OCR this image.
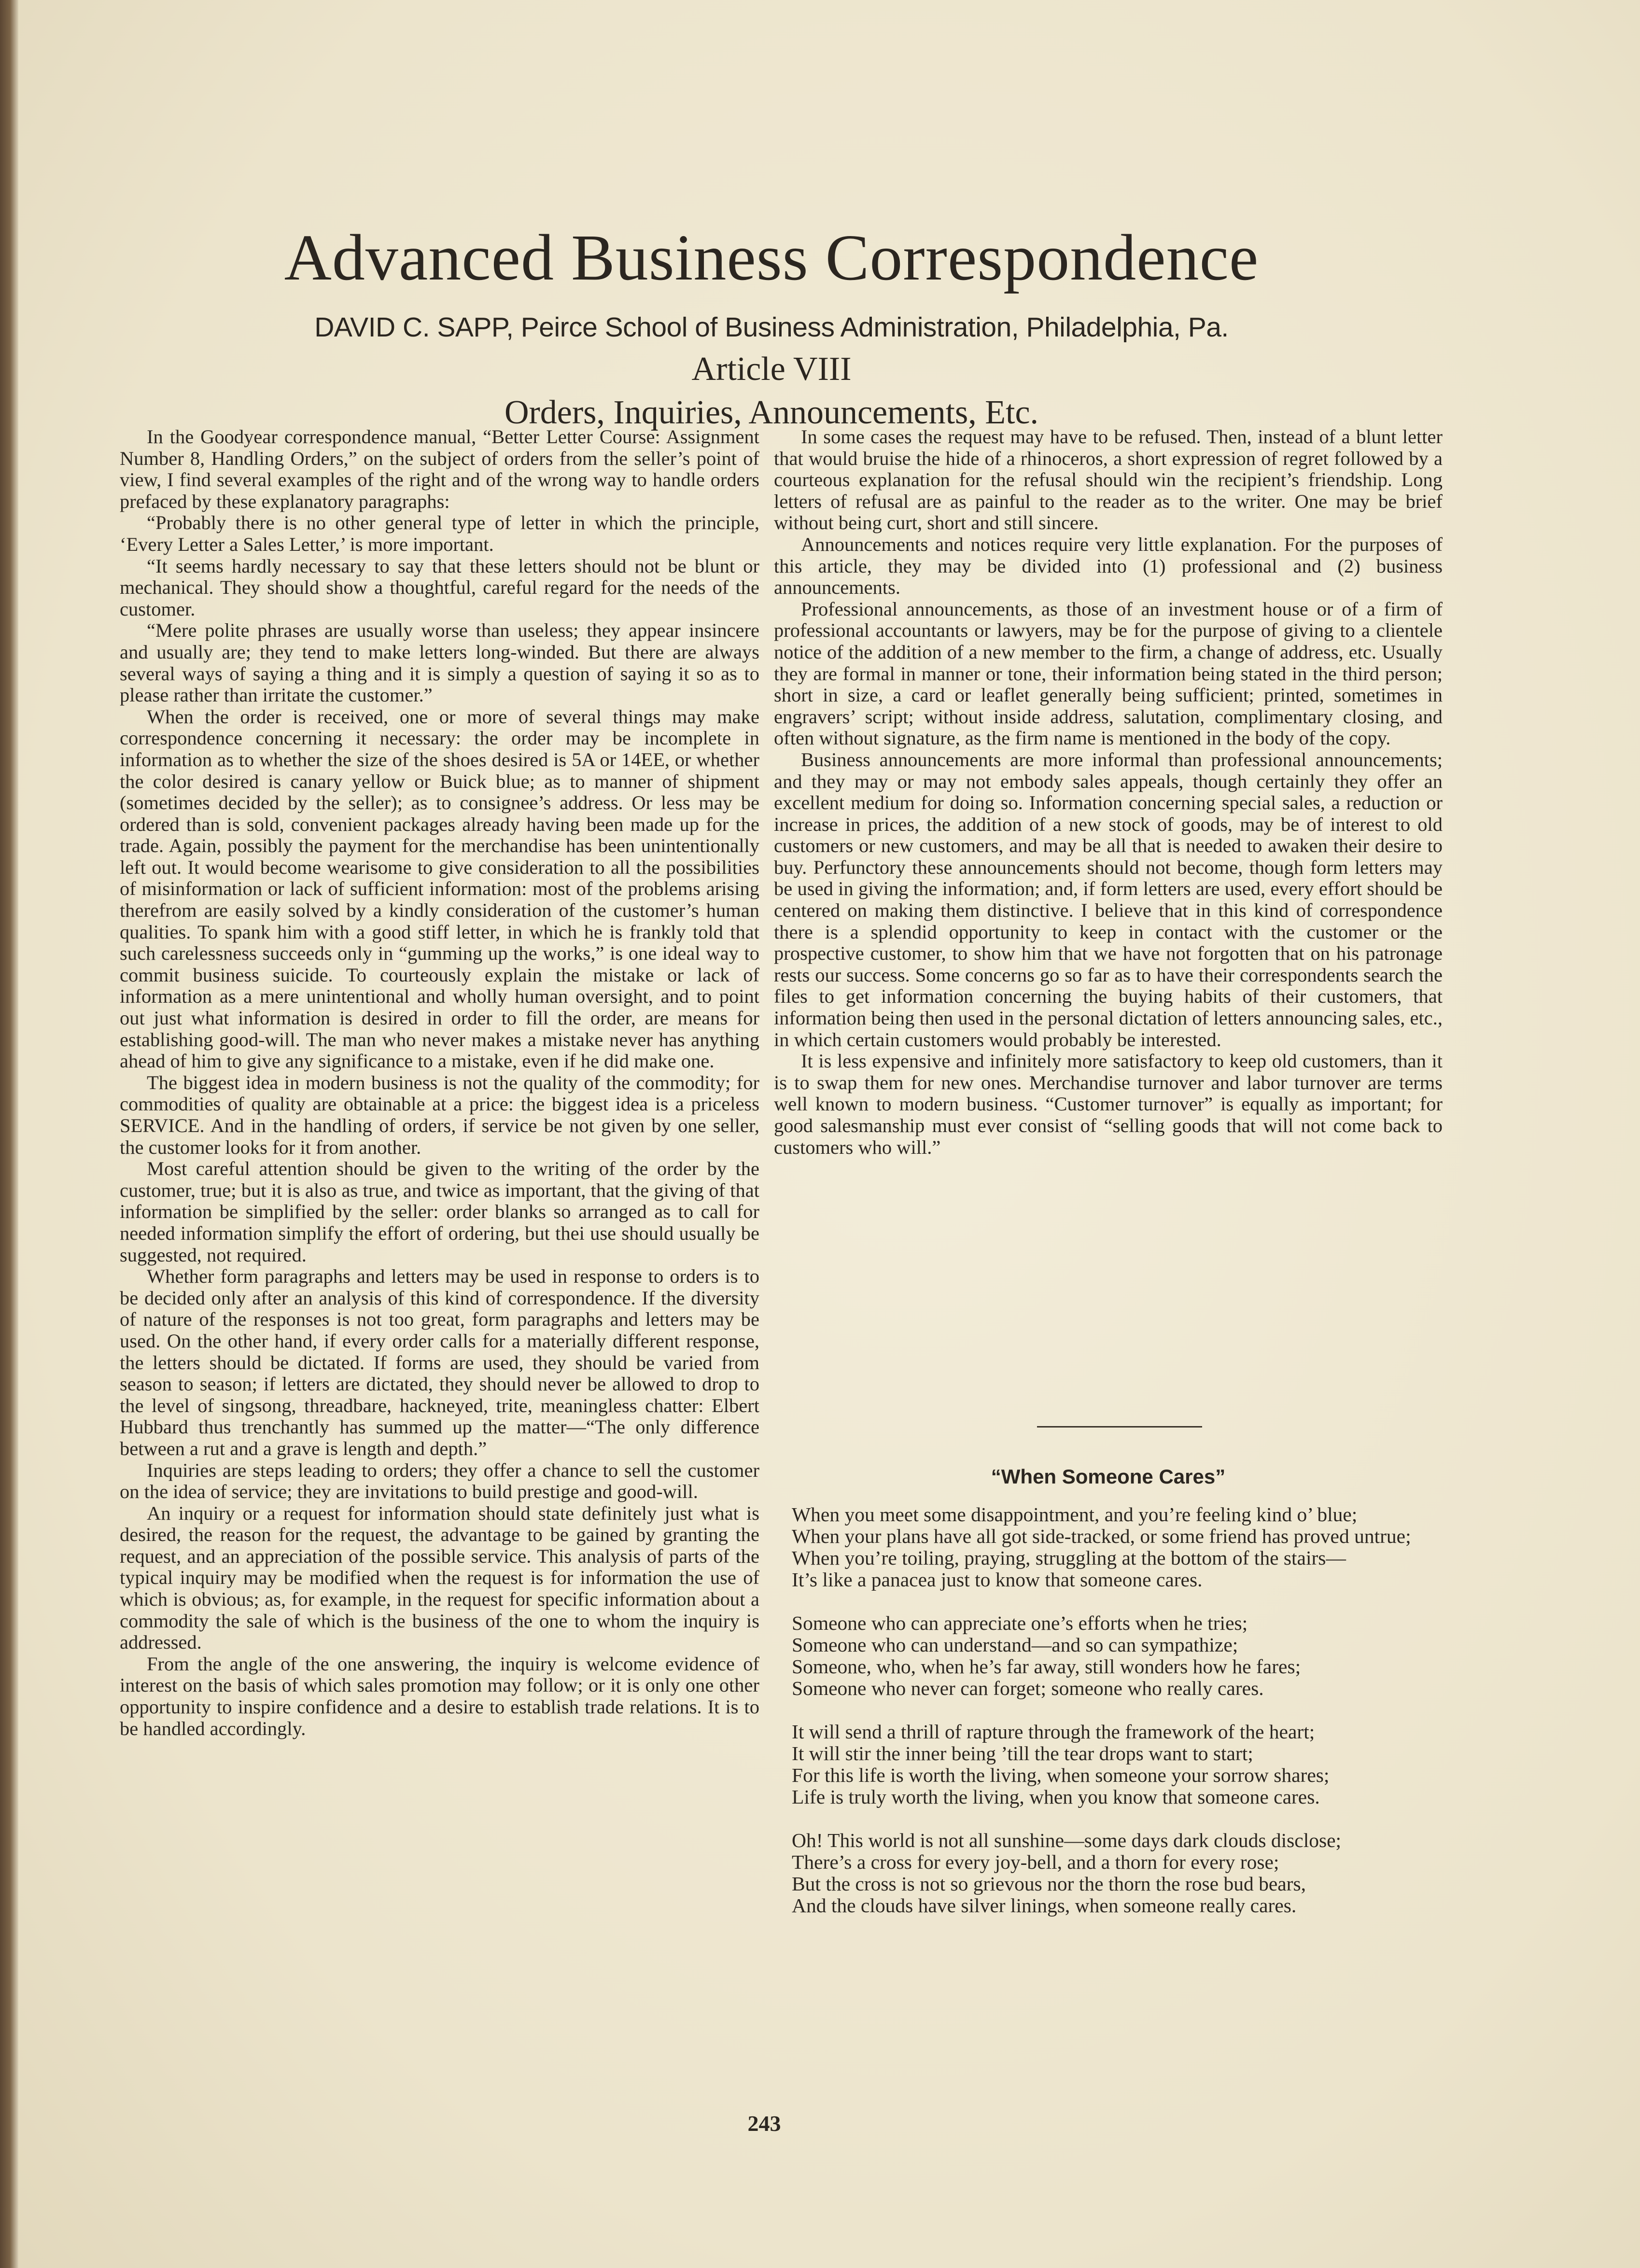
Advanced Business Correspondence

DAVID C. SAPP, Peirce School of Business Administration, Philadelphia, Pa.

Article VIII

Orders, Inquiries, Announcements, Etc.

In the Goodyear correspondence manual, “Better Letter Course: Assignment Number 8, Handling Orders,” on the subject of orders from the seller’s point of view, I find several examples of the right and of the wrong way to handle orders prefaced by these explanatory paragraphs:

“Probably there is no other general type of letter in which the principle, ‘Every Letter a Sales Letter,’ is more important.

“It seems hardly necessary to say that these letters should not be blunt or mechanical. They should show a thoughtful, careful regard for the needs of the customer.

“Mere polite phrases are usually worse than useless; they appear insincere and usually are; they tend to make letters long-winded. But there are always several ways of saying a thing and it is simply a question of saying it so as to please rather than irritate the customer.”

When the order is received, one or more of several things may make correspondence concerning it necessary: the order may be incomplete in information as to whether the size of the shoes desired is 5A or 14EE, or whether the color desired is canary yellow or Buick blue; as to manner of shipment (sometimes decided by the seller); as to consignee’s address. Or less may be ordered than is sold, convenient packages already having been made up for the trade. Again, possibly the payment for the merchandise has been unintentionally left out. It would become wearisome to give consideration to all the possibilities of misinformation or lack of sufficient information: most of the problems arising therefrom are easily solved by a kindly consideration of the customer’s human qualities. To spank him with a good stiff letter, in which he is frankly told that such carelessness succeeds only in “gumming up the works,” is one ideal way to commit business suicide. To courteously explain the mistake or lack of information as a mere unintentional and wholly human oversight, and to point out just what information is desired in order to fill the order, are means for establishing good-will. The man who never makes a mistake never has anything ahead of him to give any significance to a mistake, even if he did make one.

The biggest idea in modern business is not the quality of the commodity; for commodities of quality are obtainable at a price: the biggest idea is a priceless SERVICE. And in the handling of orders, if service be not given by one seller, the customer looks for it from another.

Most careful attention should be given to the writing of the order by the customer, true; but it is also as true, and twice as important, that the giving of that information be simplified by the seller: order blanks so arranged as to call for needed information simplify the effort of ordering, but thei use should usually be suggested, not required.

Whether form paragraphs and letters may be used in response to orders is to be decided only after an analysis of this kind of correspondence. If the diversity of nature of the responses is not too great, form paragraphs and letters may be used. On the other hand, if every order calls for a materially different response, the letters should be dictated. If forms are used, they should be varied from season to season; if letters are dictated, they should never be allowed to drop to the level of singsong, threadbare, hackneyed, trite, meaningless chatter: Elbert Hubbard thus trenchantly has summed up the matter—“The only difference between a rut and a grave is length and depth.”

Inquiries are steps leading to orders; they offer a chance to sell the customer on the idea of service; they are invitations to build prestige and good-will.

An inquiry or a request for information should state definitely just what is desired, the reason for the request, the advantage to be gained by granting the request, and an appreciation of the possible service. This analysis of parts of the typical inquiry may be modified when the request is for information the use of which is obvious; as, for example, in the request for specific information about a commodity the sale of which is the business of the one to whom the inquiry is addressed.

From the angle of the one answering, the inquiry is welcome evidence of interest on the basis of which sales promotion may follow; or it is only one other opportunity to inspire confidence and a desire to establish trade relations. It is to be handled accordingly.

In some cases the request may have to be refused. Then, instead of a blunt letter that would bruise the hide of a rhinoceros, a short expression of regret followed by a courteous explanation for the refusal should win the recipient’s friendship. Long letters of refusal are as painful to the reader as to the writer. One may be brief without being curt, short and still sincere.

Announcements and notices require very little explanation. For the purposes of this article, they may be divided into (1) professional and (2) business announcements.

Professional announcements, as those of an investment house or of a firm of professional accountants or lawyers, may be for the purpose of giving to a clientele notice of the addition of a new member to the firm, a change of address, etc. Usually they are formal in manner or tone, their information being stated in the third person; short in size, a card or leaflet generally being sufficient; printed, sometimes in engravers’ script; without inside address, salutation, complimentary closing, and often without signature, as the firm name is mentioned in the body of the copy.

Business announcements are more informal than professional announcements; and they may or may not embody sales appeals, though certainly they offer an excellent medium for doing so. Information concerning special sales, a reduction or increase in prices, the addition of a new stock of goods, may be of interest to old customers or new customers, and may be all that is needed to awaken their desire to buy. Perfunctory these announcements should not become, though form letters may be used in giving the information; and, if form letters are used, every effort should be centered on making them distinctive. I believe that in this kind of correspondence there is a splendid opportunity to keep in contact with the customer or the prospective customer, to show him that we have not forgotten that on his patronage rests our success. Some concerns go so far as to have their correspondents search the files to get information concerning the buying habits of their customers, that information being then used in the personal dictation of letters announcing sales, etc., in which certain customers would probably be interested.

It is less expensive and infinitely more satisfactory to keep old customers, than it is to swap them for new ones. Merchandise turnover and labor turnover are terms well known to modern business. “Customer turnover” is equally as important; for good salesmanship must ever consist of “selling goods that will not come back to customers who will.”

“When Someone Cares”

When you meet some disappointment, and you’re feeling kind o’ blue;
When your plans have all got side-tracked, or some friend has proved untrue;
When you’re toiling, praying, struggling at the bottom of the stairs—
It’s like a panacea just to know that someone cares.
Someone who can appreciate one’s efforts when he tries;
Someone who can understand—and so can sympathize;
Someone, who, when he’s far away, still wonders how he fares;
Someone who never can forget; someone who really cares.
It will send a thrill of rapture through the framework of the heart;
It will stir the inner being ’till the tear drops want to start;
For this life is worth the living, when someone your sorrow shares;
Life is truly worth the living, when you know that someone cares.
Oh! This world is not all sunshine—some days dark clouds disclose;
There’s a cross for every joy-bell, and a thorn for every rose;
But the cross is not so grievous nor the thorn the rose bud bears,
And the clouds have silver linings, when someone really cares.
243
